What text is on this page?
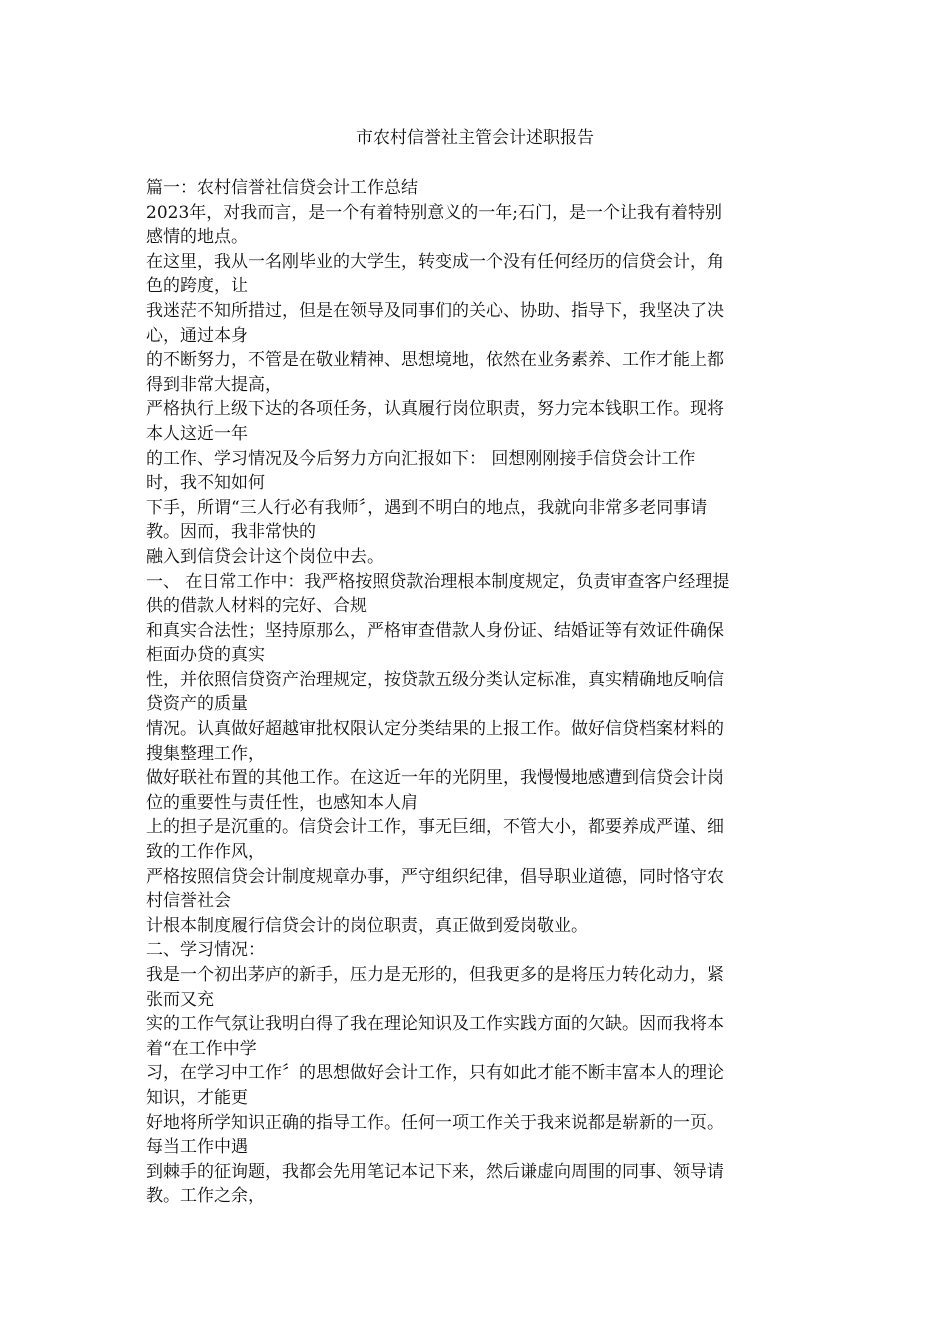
市农村信誉社主管会计述职报告
篇一：农村信誉社信贷会计工作总结
2023年，对我而言，是一个有着特别意义的一年;石门，是一个让我有着特别
感情的地点。
在这里，我从一名刚毕业的大学生，转变成一个没有任何经历的信贷会计，角
色的跨度，让
我迷茫不知所措过，但是在领导及同事们的关心、协助、指导下，我坚决了决
心，通过本身
的不断努力，不管是在敬业精神、思想境地，依然在业务素养、工作才能上都
得到非常大提高，
严格执行上级下达的各项任务，认真履行岗位职责，努力完本钱职工作。现将
本人这近一年
的工作、学习情况及今后努力方向汇报如下： 回想刚刚接手信贷会计工作
时，我不知如何
下手，所谓“三人行必有我师〞，遇到不明白的地点，我就向非常多老同事请
教。因而，我非常快的
融入到信贷会计这个岗位中去。
一、 在日常工作中：我严格按照贷款治理根本制度规定，负责审查客户经理提
供的借款人材料的完好、合规
和真实合法性；坚持原那么，严格审查借款人身份证、结婚证等有效证件确保
柜面办贷的真实
性，并依照信贷资产治理规定，按贷款五级分类认定标准，真实精确地反响信
贷资产的质量
情况。认真做好超越审批权限认定分类结果的上报工作。做好信贷档案材料的
搜集整理工作，
做好联社布置的其他工作。在这近一年的光阴里，我慢慢地感遭到信贷会计岗
位的重要性与责任性，也感知本人肩
上的担子是沉重的。信贷会计工作，事无巨细，不管大小，都要养成严谨、细
致的工作作风，
严格按照信贷会计制度规章办事，严守组织纪律，倡导职业道德，同时恪守农
村信誉社会
计根本制度履行信贷会计的岗位职责，真正做到爱岗敬业。
二、学习情况：
我是一个初出茅庐的新手，压力是无形的，但我更多的是将压力转化动力，紧
张而又充
实的工作气氛让我明白得了我在理论知识及工作实践方面的欠缺。因而我将本
着“在工作中学
习，在学习中工作〞的思想做好会计工作，只有如此才能不断丰富本人的理论
知识，才能更
好地将所学知识正确的指导工作。任何一项工作关于我来说都是崭新的一页。
每当工作中遇
到棘手的征询题，我都会先用笔记本记下来，然后谦虚向周围的同事、领导请
教。工作之余，
